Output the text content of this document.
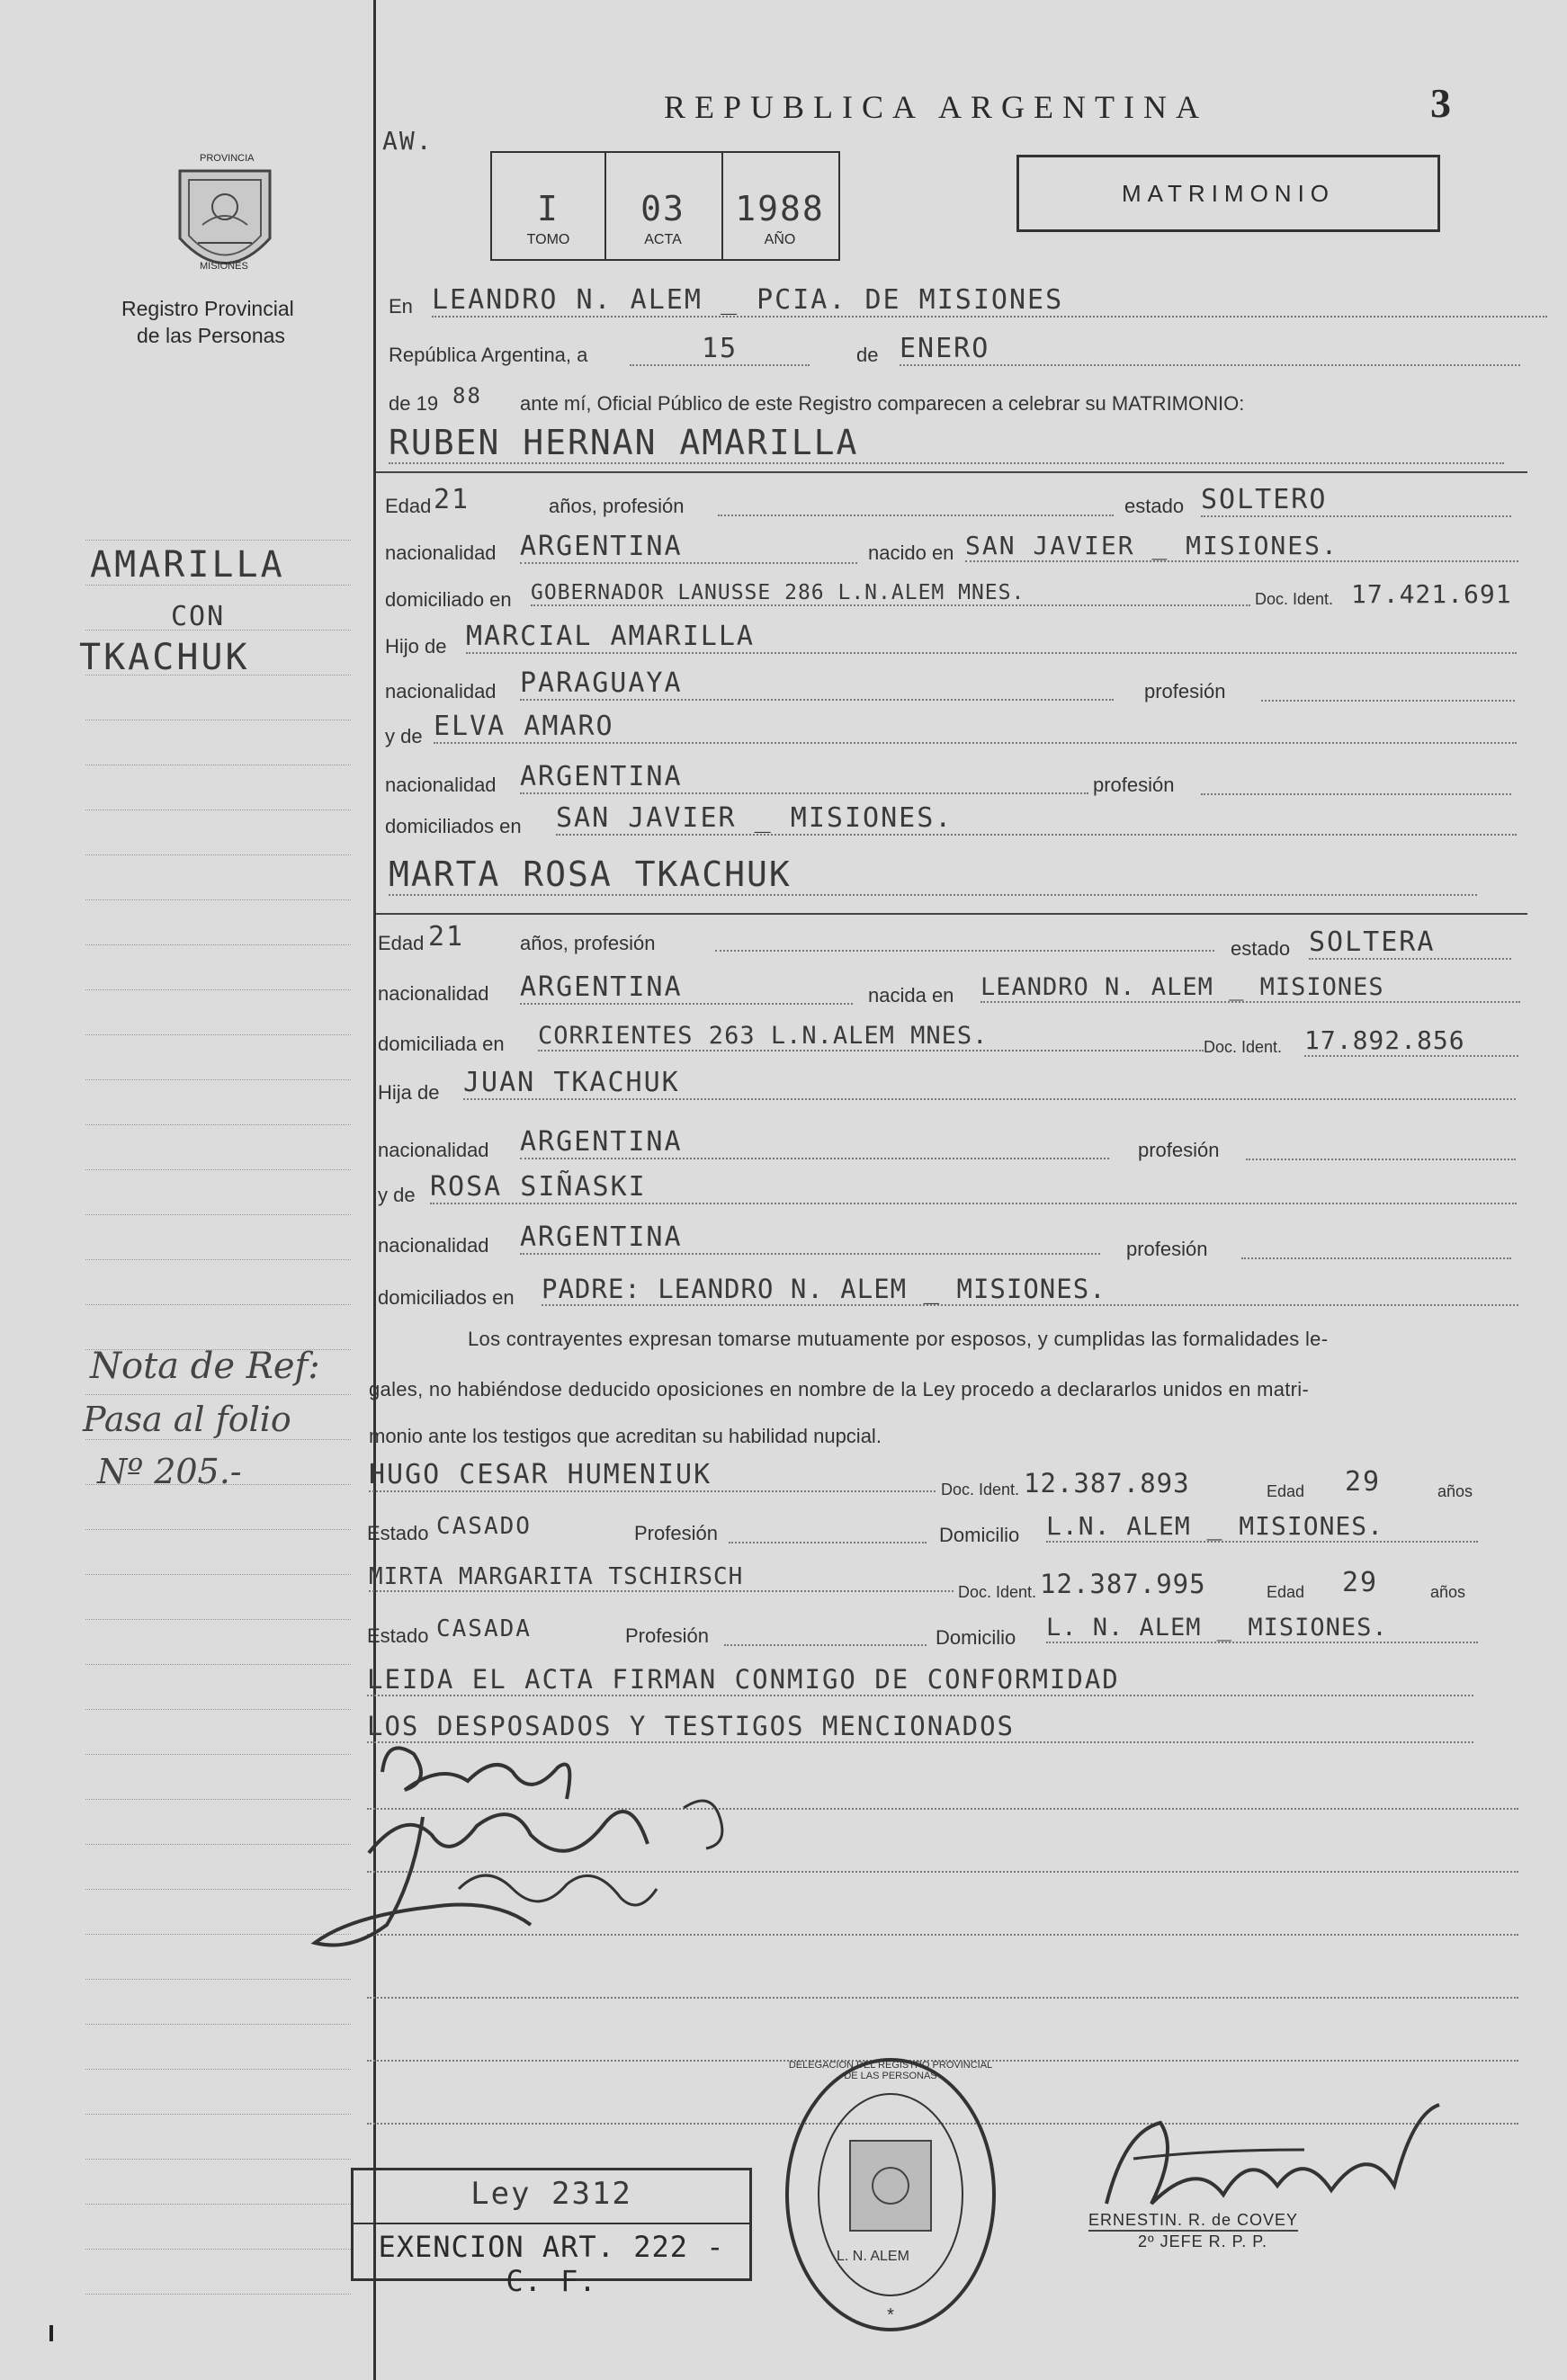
PROVINCIA
MISIONES
Registro Provincial
de las Personas
REPUBLICA ARGENTINA	3
AW.
MATRIMONIO
I
TOMO
03
ACTA
1988
AÑO
En LEANDRO N. ALEM _ PCIA. DE MISIONES
República Argentina, a	15	de ENERO
de 19 88 ante mí, Oficial Público de este Registro comparecen a celebrar su MATRIMONIO:
RUBEN HERNAN AMARILLA
Edad 21	años, profesión	estado SOLTERO
nacionalidad ARGENTINA	nacido en SAN JAVIER _ MISIONES.
domiciliado en GOBERNADOR LANUSSE 286 L.N.ALEM MNES.	Doc. Ident. 17.421.691
Hijo de MARCIAL AMARILLA
nacionalidad PARAGUAYA	profesión
y de ELVA AMARO
nacionalidad ARGENTINA	profesión
domiciliados en SAN JAVIER _ MISIONES.
MARTA ROSA TKACHUK
Edad 21	años, profesión	estado SOLTERA
nacionalidad ARGENTINA	nacida en LEANDRO N. ALEM _ MISIONES
domiciliada en CORRIENTES 263 L.N.ALEM MNES.	Doc. Ident. 17.892.856
Hija de JUAN TKACHUK
nacionalidad ARGENTINA	profesión
y de ROSA SIÑASKI
nacionalidad ARGENTINA	profesión
domiciliados en PADRE: LEANDRO N. ALEM _ MISIONES.
Los contrayentes expresan tomarse mutuamente por esposos, y cumplidas las formalidades le-
gales, no habiéndose deducido oposiciones en nombre de la Ley procedo a declararlos unidos en matri-
monio ante los testigos que acreditan su habilidad nupcial.
HUGO CESAR HUMENIUK	Doc. Ident. 12.387.893	Edad 29	años
Estado CASADO	Profesión	Domicilio L.N. ALEM _ MISIONES.
MIRTA MARGARITA TSCHIRSCH
Doc. Ident. 12.387.995	Edad 29	años
Estado CASADA	Profesión	Domicilio L. N. ALEM _ MISIONES.
LEIDA EL ACTA FIRMAN CONMIGO DE CONFORMIDAD
LOS DESPOSADOS Y TESTIGOS MENCIONADOS
AMARILLA
CON
TKACHUK
Nota de Ref:
Pasa al folio
Nº 205.-
Ley 2312
EXENCION ART. 222 - C. F.
*
DELEGACION DEL REGISTRO PROVINCIAL DE LAS PERSONAS
L. N. ALEM
ERNESTIN. R. de COVEY
2º JEFE R. P. P.
